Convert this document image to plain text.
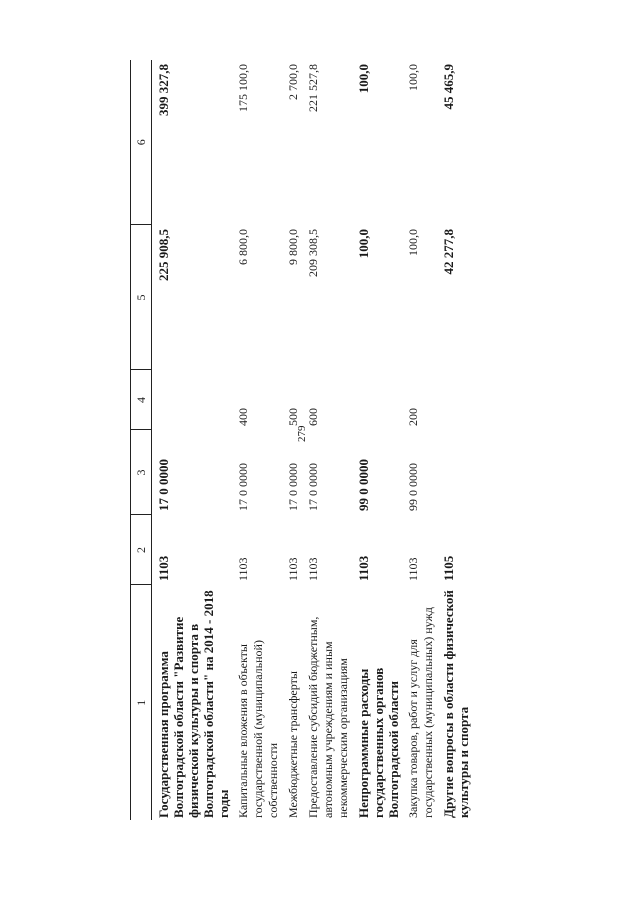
279
1	2	3	4	5	6
Государственная программа Волгоградской области "Развитие физической культуры и спорта в Волгоградской области" на 2014 - 2018 годы	1103	17 0 0000		225 908,5	399 327,8
Капитальные вложения в объекты государственной (муниципальной) собственности	1103	17 0 0000	400	6 800,0	175 100,0
Межбюджетные трансферты	1103	17 0 0000	500	9 800,0	2 700,0
Предоставление субсидий бюджетным, автономным учреждениям и иным некоммерческим организациям	1103	17 0 0000	600	209 308,5	221 527,8
Непрограммные расходы государственных органов Волгоградской области	1103	99 0 0000		100,0	100,0
Закупка товаров, работ и услуг для государственных (муниципальных) нужд	1103	99 0 0000	200	100,0	100,0
Другие вопросы в области физической культуры и спорта	1105			42 277,8	45 465,9
